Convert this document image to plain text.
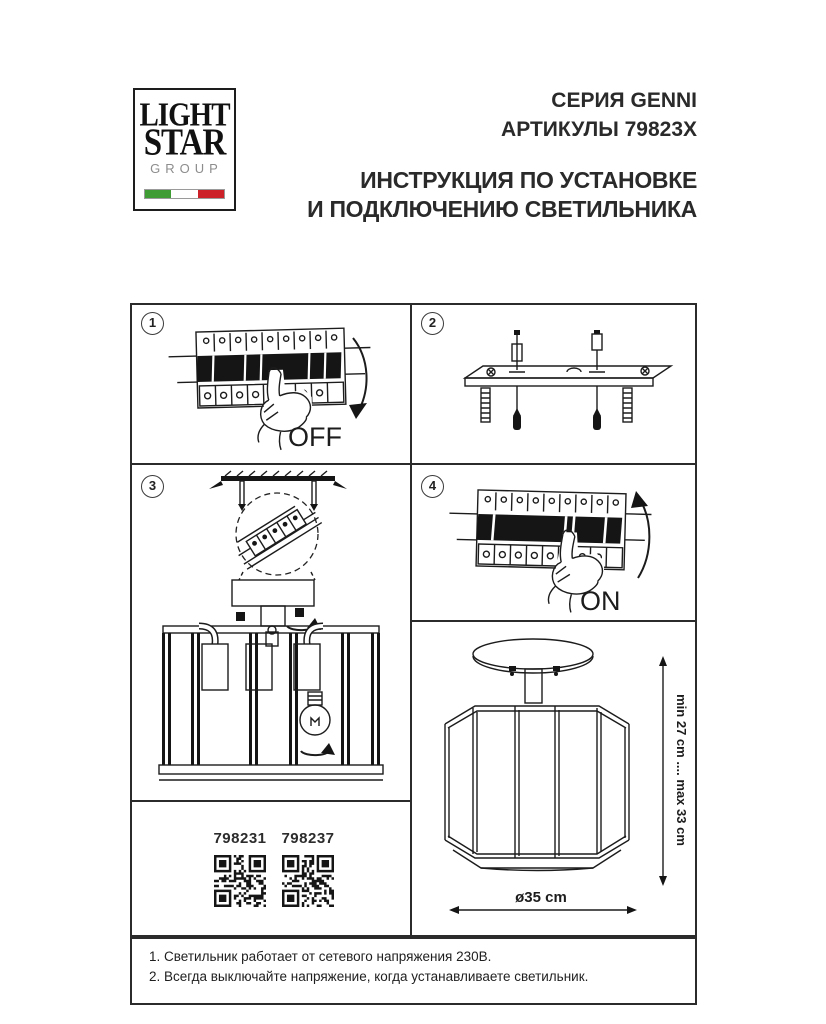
LIGHT
STAR
GROUP
СЕРИЯ GENNI
АРТИКУЛЫ 79823X
ИНСТРУКЦИЯ ПО УСТАНОВКЕ
И ПОДКЛЮЧЕНИЮ СВЕТИЛЬНИКА
1	2
3	4
OFF
ON
min 27 cm .... max 33 cm
ø35 cm
798231 798237
1. Светильник работает от сетевого напряжения 230В.
2. Всегда выключайте напряжение, когда устанавливаете светильник.
